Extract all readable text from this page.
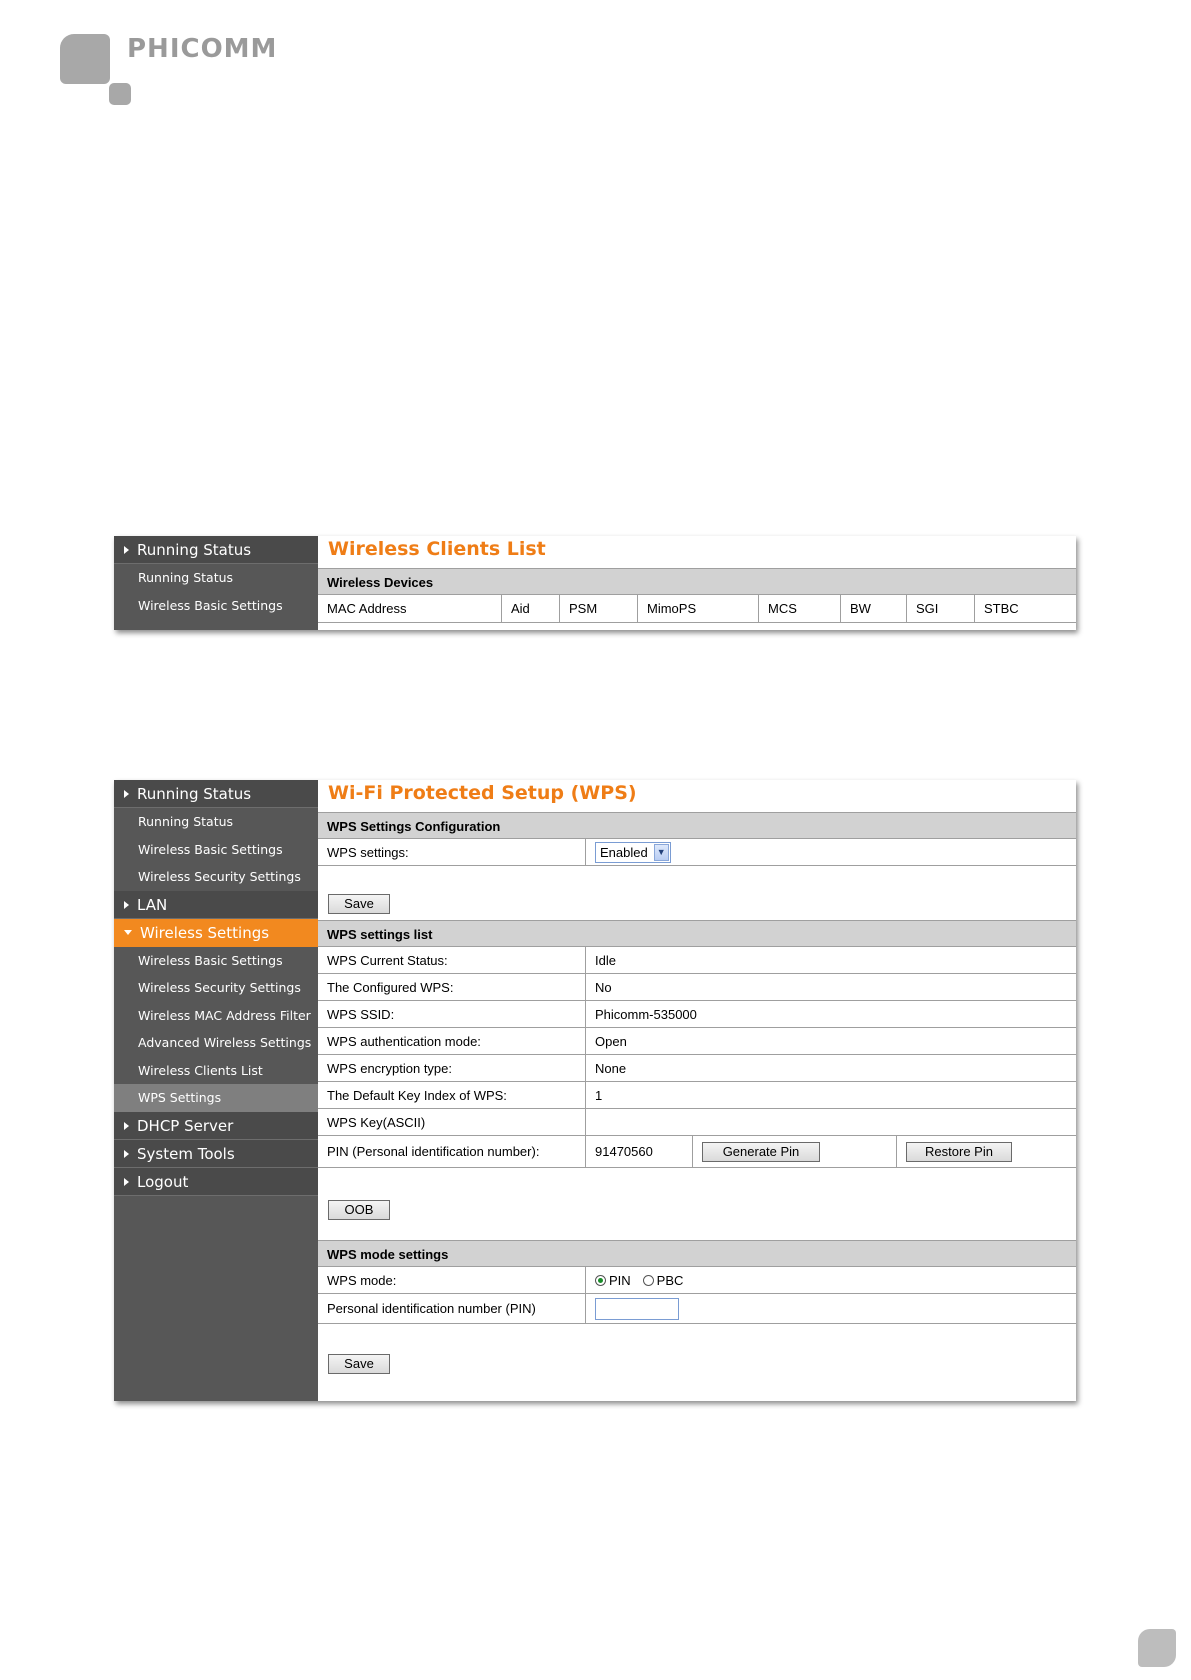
PHICOMM
Running Status
Running Status
Wireless Basic Settings
Wireless Clients List
Wireless Devices
MAC Address	Aid	PSM	MimoPS	MCS	BW	SGI	STBC
Running Status
Running Status
Wireless Basic Settings
Wireless Security Settings
LAN
Wireless Settings
Wireless Basic Settings
Wireless Security Settings
Wireless MAC Address Filter
Advanced Wireless Settings
Wireless Clients List
WPS Settings
DHCP Server
System Tools
Logout
Wi-Fi Protected Setup (WPS)
WPS Settings Configuration
WPS settings:	Enabled	▼
Save
WPS settings list
WPS Current Status:	Idle
The Configured WPS:	No
WPS SSID:	Phicomm-535000
WPS authentication mode:	Open
WPS encryption type:	None
The Default Key Index of WPS:	1
WPS Key(ASCII)
PIN (Personal identification number):	91470560	Generate Pin	Restore Pin
OOB
WPS mode settings
WPS mode:	PIN PBC
Personal identification number (PIN)
Save
